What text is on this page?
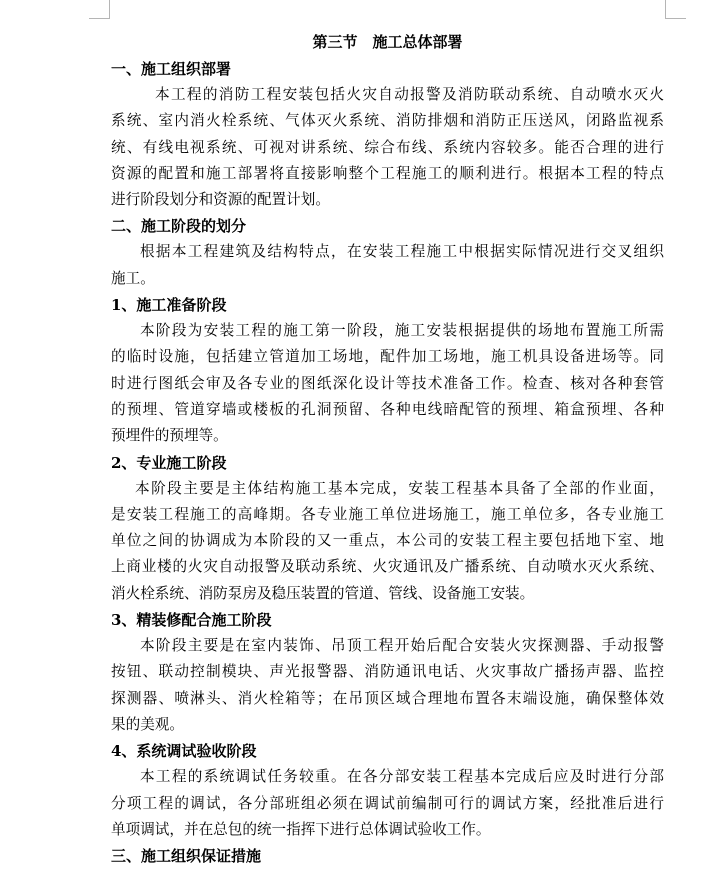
第三节　施工总体部署
一、施工组织部署
本工程的消防工程安装包括火灾自动报警及消防联动系统、自动喷水灭火
系统、室内消火栓系统、气体灭火系统、消防排烟和消防正压送风，闭路监视系
统、有线电视系统、可视对讲系统、综合布线、系统内容较多。能否合理的进行
资源的配置和施工部署将直接影响整个工程施工的顺利进行。根据本工程的特点
进行阶段划分和资源的配置计划。
二、施工阶段的划分
根据本工程建筑及结构特点，在安装工程施工中根据实际情况进行交叉组织
施工。
1、施工准备阶段
本阶段为安装工程的施工第一阶段，施工安装根据提供的场地布置施工所需
的临时设施，包括建立管道加工场地，配件加工场地，施工机具设备进场等。同
时进行图纸会审及各专业的图纸深化设计等技术准备工作。检查、核对各种套管
的预埋、管道穿墙或楼板的孔洞预留、各种电线暗配管的预埋、箱盒预埋、各种
预埋件的预埋等。
2、专业施工阶段
本阶段主要是主体结构施工基本完成，安装工程基本具备了全部的作业面，
是安装工程施工的高峰期。各专业施工单位进场施工，施工单位多，各专业施工
单位之间的协调成为本阶段的又一重点，本公司的安装工程主要包括地下室、地
上商业楼的火灾自动报警及联动系统、火灾通讯及广播系统、自动喷水灭火系统、
消火栓系统、消防泵房及稳压装置的管道、管线、设备施工安装。
3、精装修配合施工阶段
本阶段主要是在室内装饰、吊顶工程开始后配合安装火灾探测器、手动报警
按钮、联动控制模块、声光报警器、消防通讯电话、火灾事故广播扬声器、监控
探测器、喷淋头、消火栓箱等；在吊顶区域合理地布置各末端设施，确保整体效
果的美观。
4、系统调试验收阶段
本工程的系统调试任务较重。在各分部安装工程基本完成后应及时进行分部
分项工程的调试，各分部班组必须在调试前编制可行的调试方案，经批准后进行
单项调试，并在总包的统一指挥下进行总体调试验收工作。
三、施工组织保证措施
